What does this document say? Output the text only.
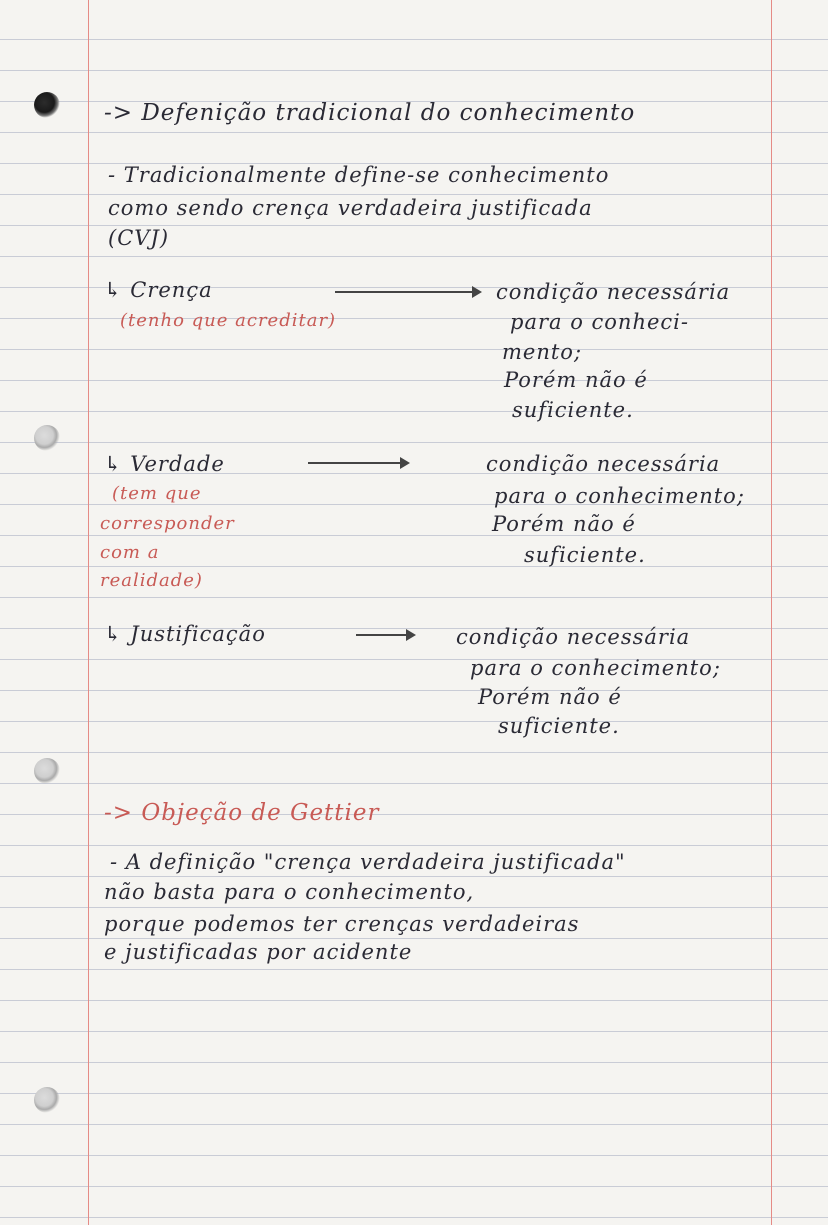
-> Defenição tradicional do conhecimento
- Tradicionalmente define-se conhecimento
como sendo crença verdadeira justificada
(CVJ)
↳ Crença
(tenho que acreditar)
condição necessária
para o conheci-
mento;
Porém não é
suficiente.
↳ Verdade
(tem que
corresponder
com a
realidade)
condição necessária
para o conhecimento;
Porém não é
suficiente.
↳ Justificação	condição necessária
para o conhecimento;
Porém não é
suficiente.
-> Objeção de Gettier
- A definição "crença verdadeira justificada"
não basta para o conhecimento,
porque podemos ter crenças verdadeiras
e justificadas por acidente
